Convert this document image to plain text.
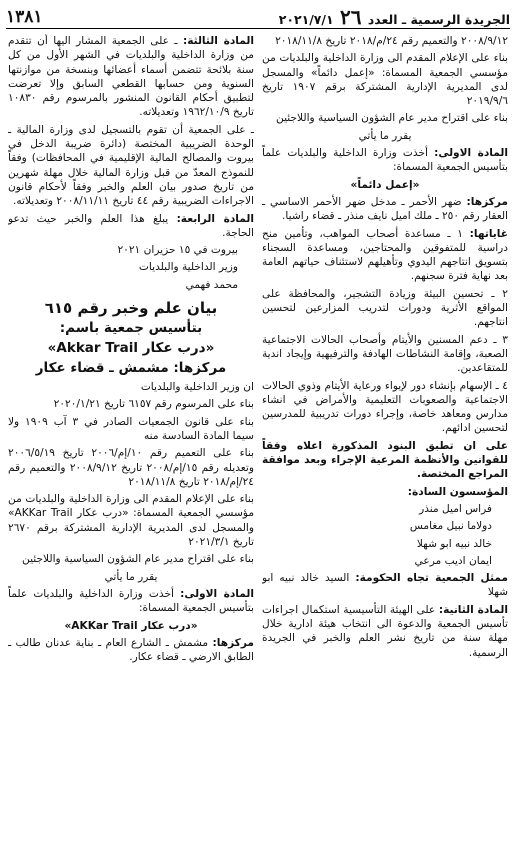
الجريدة الرسمية ـ العدد ٢٦ ٢٠٢١/٧/١
١٣٨١

٢٠٠٨/٩/١٢ والتعميم رقم ٢٤/م/٢٠١٨ تاريخ ٢٠١٨/١١/٨

بناء على الإعلام المقدم الى وزارة الداخلية والبلديات من مؤسسي الجمعية المسماة: «إعمل دائماً» والمسجل لدى المديرية الإدارية المشتركة برقم ١٩٠٧ تاريخ ٢٠١٩/٩/٦

بناء على اقتراح مدير عام الشؤون السياسية واللاجئين

يقرر ما يأتي

المادة الاولى: أخذت وزارة الداخلية والبلديات علماً بتأسيس الجمعية المسماة:

«إعمل دائماً»

مركزها: ضهر الأحمر ـ مدخل ضهر الأحمر الاساسي ـ العقار رقم ٢٥٠ ـ ملك اميل نايف منذر ـ قضاء راشيا.

غاياتها: ١ ـ مساعدة أصحاب المواهب، وتأمين منح دراسية للمتفوقين والمحتاجين، ومساعدة السجناء بتسويق انتاجهم اليدوي وتأهيلهم لاستئناف حياتهم العامة بعد نهاية فترة سجنهم.

٢ ـ تحسين البيئة وزيادة التشجير، والمحافظة على المواقع الأثرية ودورات لتدريب المزارعين لتحسين انتاجهم.

٣ ـ دعم المسنين والأيتام وأصحاب الحالات الاجتماعية الصعبة، وإقامة النشاطات الهادفة والترفيهية وإيجاد اندية للمتقاعدين.

٤ ـ الإسهام بإنشاء دور لإيواء ورعاية الأيتام وذوي الحالات الاجتماعية والصعوبات التعليمية والأمراض في انشاء مدارس ومعاهد خاصة، وإجراء دورات تدريبية للمدرسين لتحسين ادائهم.

على ان تطبق البنود المذكورة اعلاه وفقاً للقوانين والأنظمة المرعية الإجراء وبعد موافقة المراجع المختصة.

المؤسسون السادة:

فراس اميل منذر

دولاما نبيل مغامس

خالد نبيه ابو شهلا

ايمان اديب مرعي

ممثل الجمعية تجاه الحكومة: السيد خالد نبيه ابو شهلا

المادة الثانية: على الهيئة التأسيسية استكمال اجراءات تأسيس الجمعية والدعوة الى انتخاب هيئة ادارية خلال مهلة سنة من تاريخ نشر العلم والخبر في الجريدة الرسمية.

المادة الثالثة: ـ على الجمعية المشار اليها أن تتقدم من وزارة الداخلية والبلديات في الشهر الأول من كل سنة بلائحة تتضمن أسماء أعضائها وبنسخة من موازنتها السنوية ومن حسابها القطعي السابق وإلا تعرضت لتطبيق أحكام القانون المنشور بالمرسوم رقم ١٠٨٣٠ تاريخ ١٩٦٢/١٠/٩ وتعديلاته.

ـ على الجمعية أن تقوم بالتسجيل لدى وزارة المالية ـ الوحدة الضريبية المختصة (دائرة ضريبة الدخل في بيروت والمصالح المالية الإقليمية في المحافظات) وفقاً للنموذج المعدّ من قبل وزارة المالية خلال مهلة شهرين من تاريخ صدور بيان العلم والخبر وفقاً لأحكام قانون الاجراءات الضريبية رقم ٤٤ تاريخ ٢٠٠٨/١١/١١ وتعديلاته.

المادة الرابعة: يبلغ هذا العلم والخبر حيث تدعو الحاجة.

بيروت في ١٥ حزيران ٢٠٢١

وزير الداخلية والبلديات

محمد فهمي

بيان علم وخبر رقم ٦١٥

بتأسيس جمعية باسم:

«درب عكار Akkar Trail»

مركزها: مشمش ـ قضاء عكار

ان وزير الداخلية والبلديات

بناء على المرسوم رقم ٦١٥٧ تاريخ ٢٠٢٠/١/٢١

بناء على قانون الجمعيات الصادر في ٣ آب ١٩٠٩ ولا سيما المادة السادسة منه

بناء على التعميم رقم ١٠/إم/٢٠٠٦ تاريخ ٢٠٠٦/٥/١٩ وتعديله رقم ١٥/إم/٢٠٠٨ تاريخ ٢٠٠٨/٩/١٢ والتعميم رقم ٢٤/إم/٢٠١٨ تاريخ ٢٠١٨/١١/٨

بناء على الإعلام المقدم الى وزارة الداخلية والبلديات من مؤسسي الجمعية المسماة: «درب عكار AKKar Trail» والمسجل لدى المديرية الإدارية المشتركة برقم ٢٦٧٠ تاريخ ٢٠٢١/٣/١

بناء على اقتراح مدير عام الشؤون السياسية واللاجئين

يقرر ما يأتي

المادة الاولى: أخذت وزارة الداخلية والبلديات علماً بتأسيس الجمعية المسماة:

«درب عكار AKKar Trail»

مركزها: مشمش ـ الشارع العام ـ بناية عدنان طالب ـ الطابق الارضي ـ قضاء عكار.
